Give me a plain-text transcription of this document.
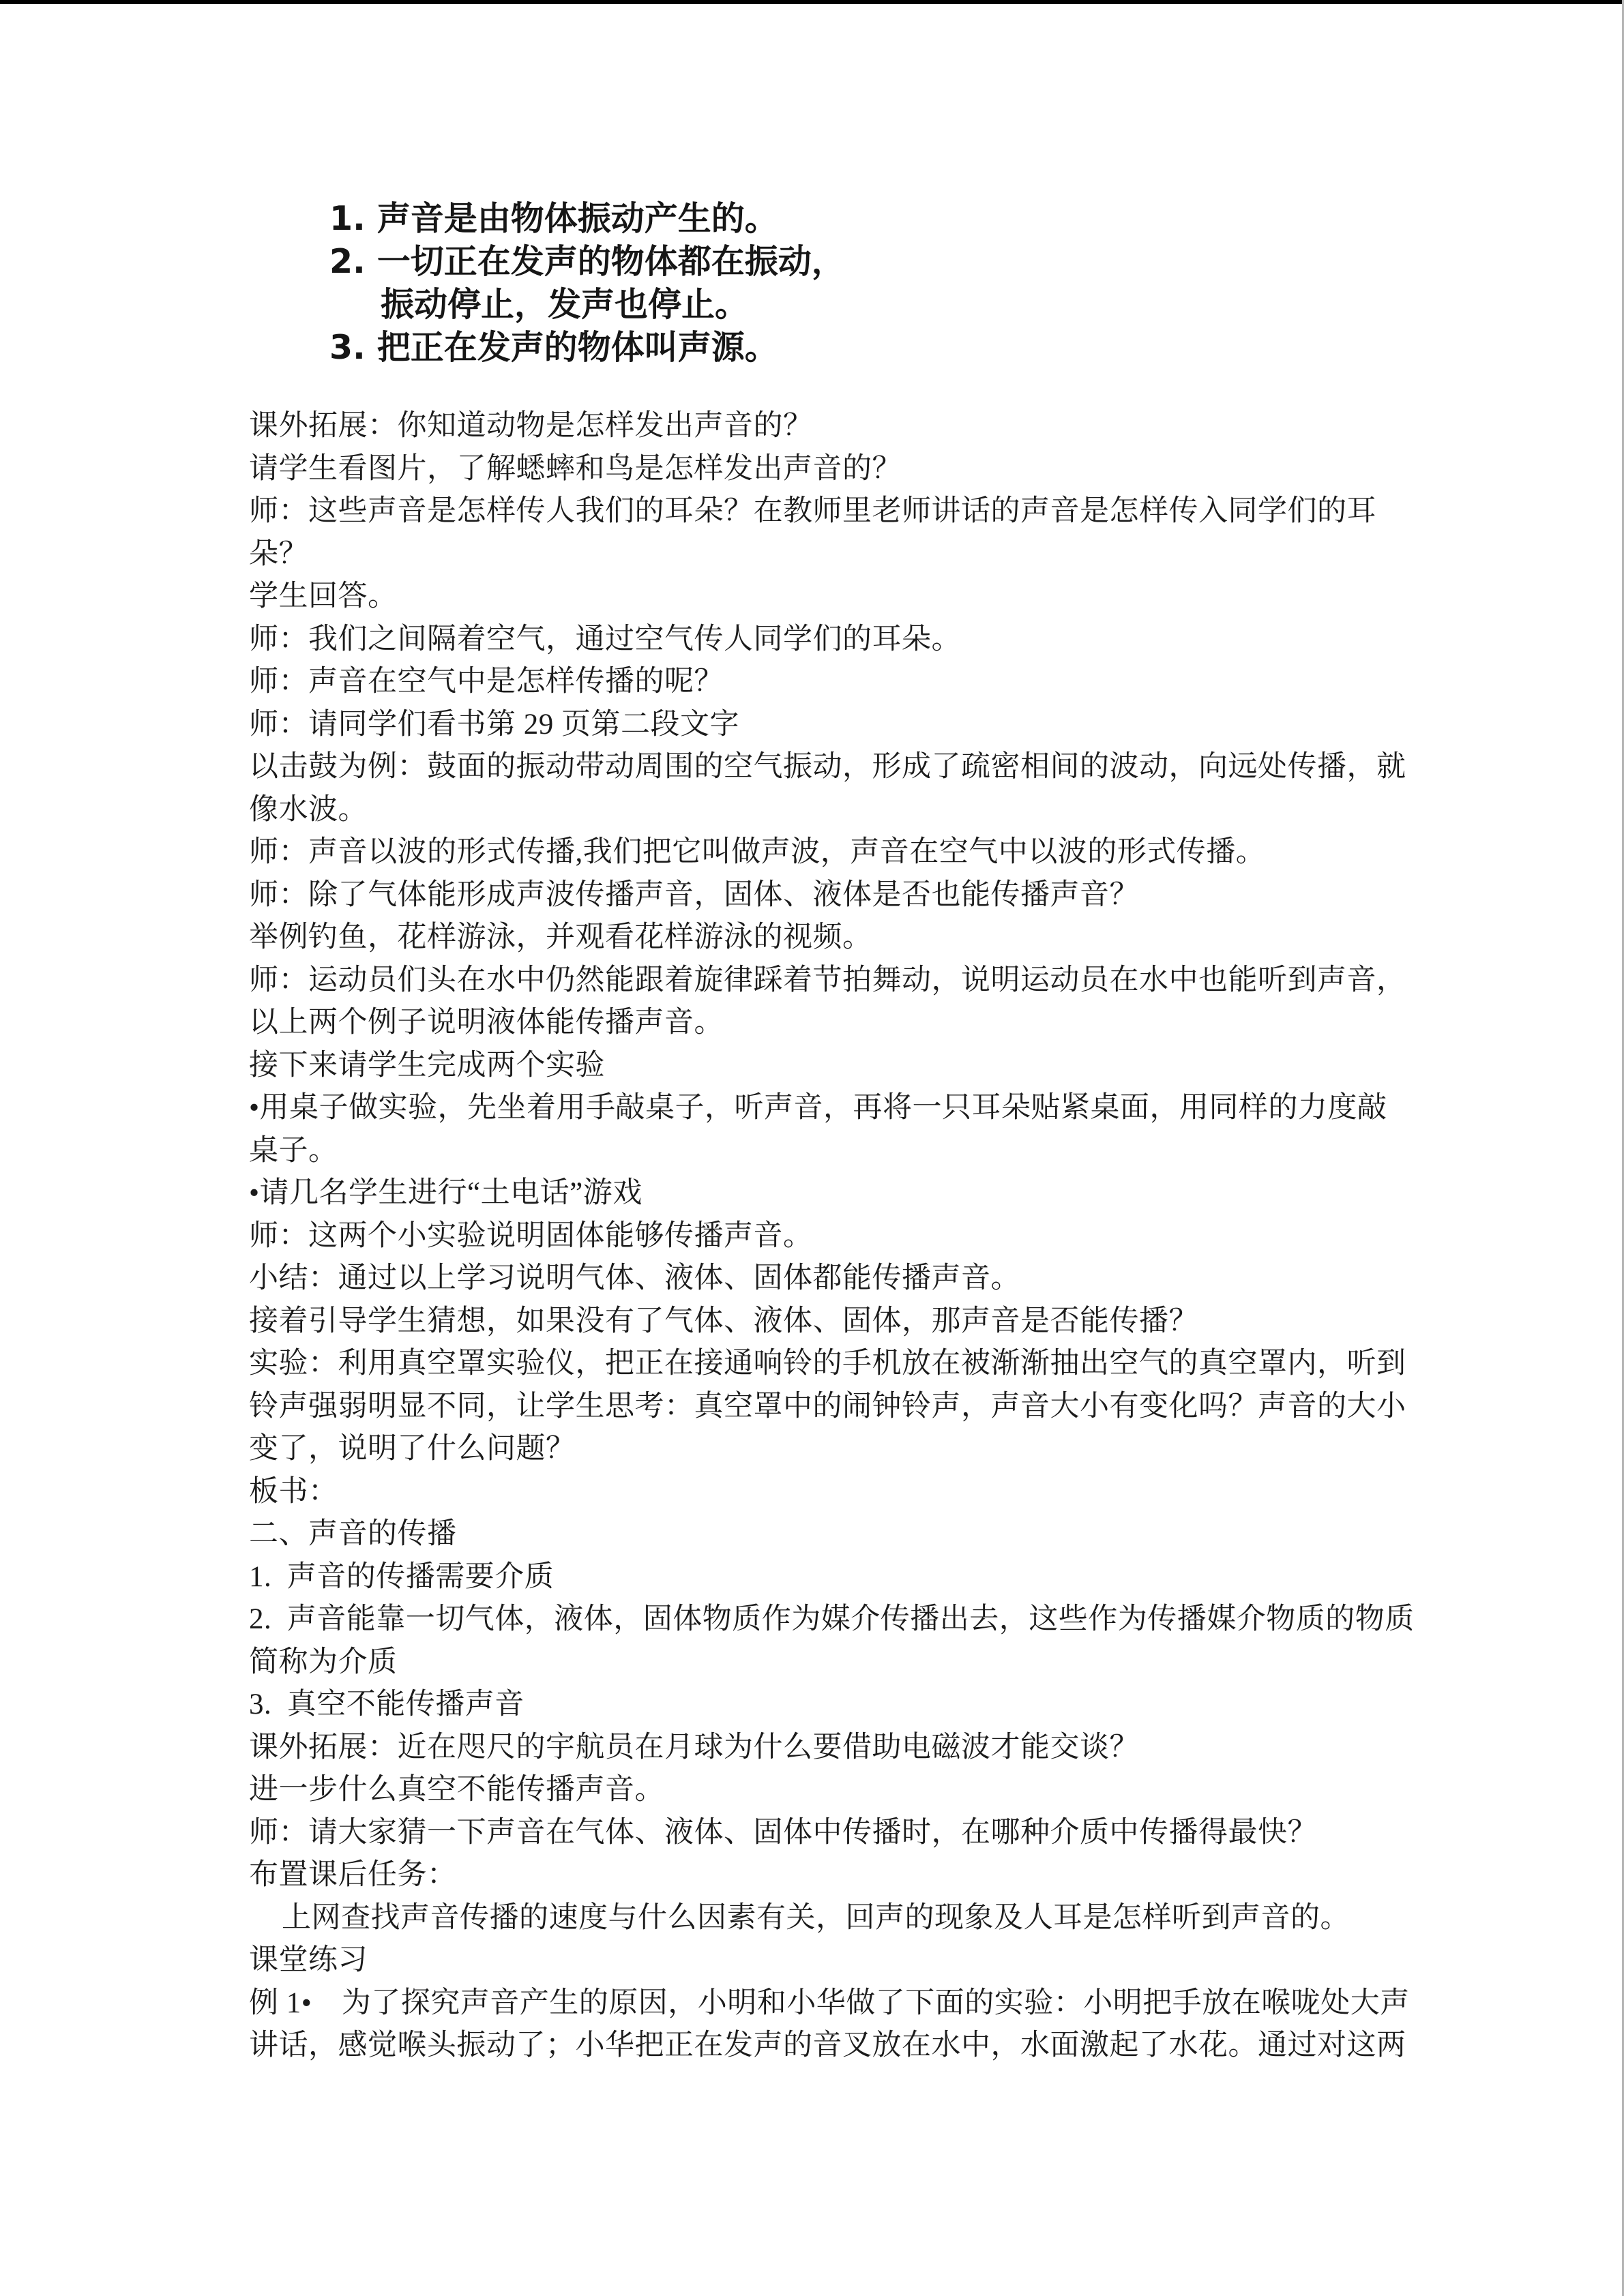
1. 声音是由物体振动产生的。
2. 一切正在发声的物体都在振动，
振动停止，发声也停止。
3. 把正在发声的物体叫声源。
课外拓展：你知道动物是怎样发出声音的？
请学生看图片，了解蟋蟀和鸟是怎样发出声音的？
师：这些声音是怎样传人我们的耳朵？在教师里老师讲话的声音是怎样传入同学们的耳
朵？
学生回答。
师：我们之间隔着空气，通过空气传人同学们的耳朵。
师：声音在空气中是怎样传播的呢？
师：请同学们看书第 29 页第二段文字
以击鼓为例：鼓面的振动带动周围的空气振动，形成了疏密相间的波动，向远处传播，就
像水波。
师：声音以波的形式传播,我们把它叫做声波，声音在空气中以波的形式传播。
师：除了气体能形成声波传播声音，固体、液体是否也能传播声音？
举例钓鱼，花样游泳，并观看花样游泳的视频。
师：运动员们头在水中仍然能跟着旋律踩着节拍舞动，说明运动员在水中也能听到声音，
以上两个例子说明液体能传播声音。
接下来请学生完成两个实验
•用桌子做实验，先坐着用手敲桌子，听声音，再将一只耳朵贴紧桌面，用同样的力度敲
桌子。
•请几名学生进行“土电话”游戏
师：这两个小实验说明固体能够传播声音。
小结：通过以上学习说明气体、液体、固体都能传播声音。
接着引导学生猜想，如果没有了气体、液体、固体，那声音是否能传播？
实验：利用真空罩实验仪，把正在接通响铃的手机放在被渐渐抽出空气的真空罩内，听到
铃声强弱明显不同，让学生思考：真空罩中的闹钟铃声，声音大小有变化吗？声音的大小
变了，说明了什么问题？
板书：
二、声音的传播
1.  声音的传播需要介质
2.  声音能靠一切气体，液体，固体物质作为媒介传播出去，这些作为传播媒介物质的物质
简称为介质
3.  真空不能传播声音
课外拓展：近在咫尺的宇航员在月球为什么要借助电磁波才能交谈？
进一步什么真空不能传播声音。
师：请大家猜一下声音在气体、液体、固体中传播时，在哪种介质中传播得最快？
布置课后任务：
上网查找声音传播的速度与什么因素有关，回声的现象及人耳是怎样听到声音的。
课堂练习
例 1•　为了探究声音产生的原因，小明和小华做了下面的实验：小明把手放在喉咙处大声
讲话，感觉喉头振动了；小华把正在发声的音叉放在水中，水面激起了水花。通过对这两
